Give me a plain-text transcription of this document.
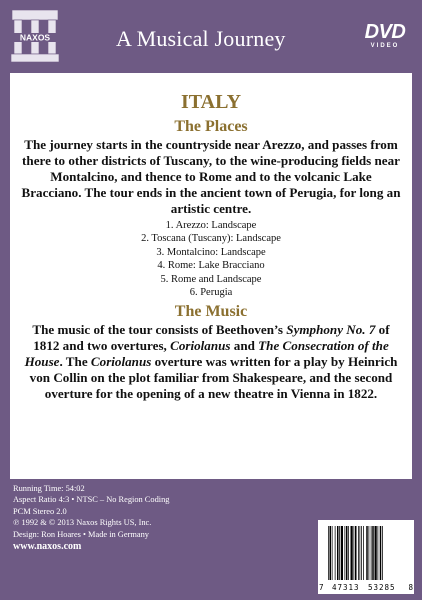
NAXOS	A Musical Journey	DVD
VIDEO
ITALY
The Places

The journey starts in the countryside near Arezzo, and passes from there to other districts of Tuscany, to the wine-producing fields near Montalcino, and thence to Rome and to the volcanic Lake Bracciano. The tour ends in the ancient town of Perugia, for long an artistic centre.

1. Arezzo: Landscape
2. Toscana (Tuscany): Landscape
3. Montalcino: Landscape
4. Rome: Lake Bracciano
5. Rome and Landscape
6. Perugia
The Music

The music of the tour consists of Beethoven’s Symphony No. 7 of 1812 and two overtures, Coriolanus and The Consecration of the House. The Coriolanus overture was written for a play by Heinrich von Collin on the plot familiar from Shakespeare, and the second overture for the opening of a new theatre in Vienna in 1822.

Running Time: 54:02
Aspect Ratio 4:3 • NTSC – No Region Coding
PCM Stereo 2.0
℗ 1992 & © 2013 Naxos Rights US, Inc.
Design: Ron Hoares • Made in Germany
www.naxos.com
7 47313 53285 8
